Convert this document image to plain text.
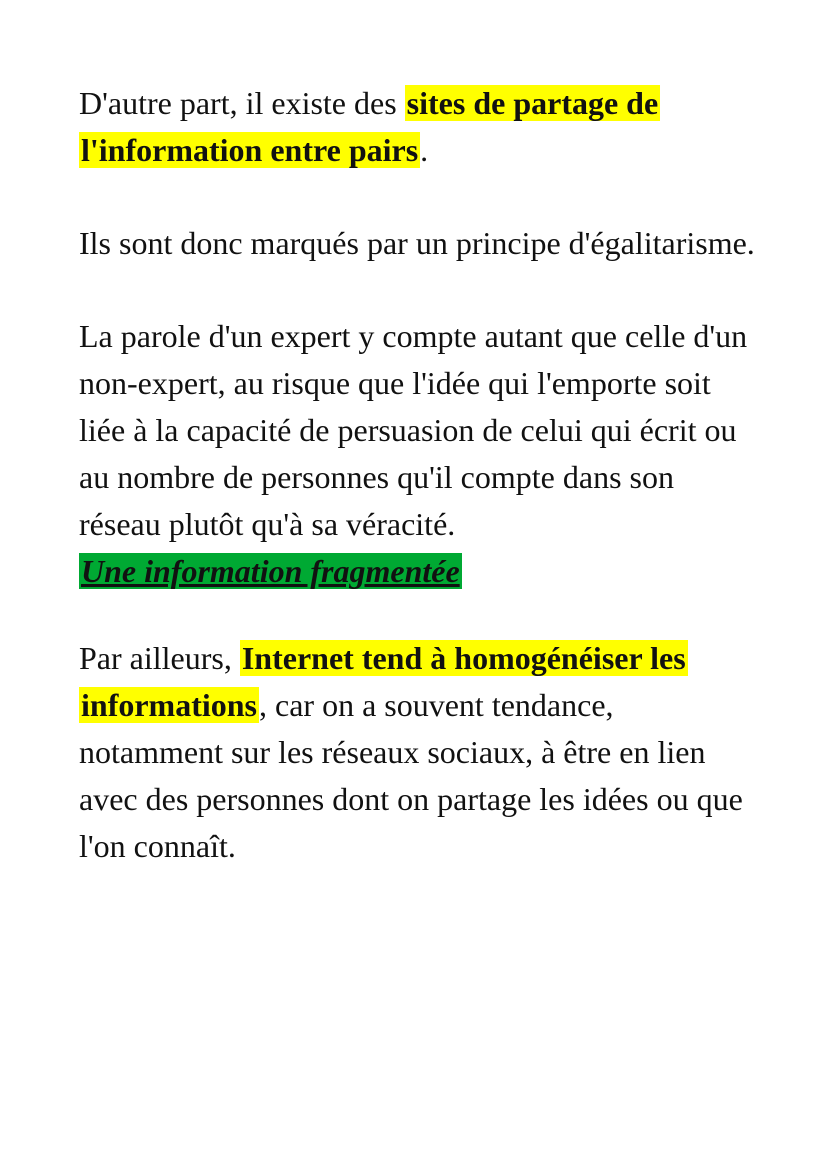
D'autre part, il existe des sites de partage de l'information entre pairs.

Ils sont donc marqués par un principe d'égalitarisme.

La parole d'un expert y compte autant que celle d'un non-expert, au risque que l'idée qui l'emporte soit liée à la capacité de persuasion de celui qui écrit ou au nombre de personnes qu'il compte dans son réseau plutôt qu'à sa véracité.

Une information fragmentée

Par ailleurs, Internet tend à homogénéiser les informations, car on a souvent tendance, notamment sur les réseaux sociaux, à être en lien avec des personnes dont on partage les idées ou que l'on connaît.
